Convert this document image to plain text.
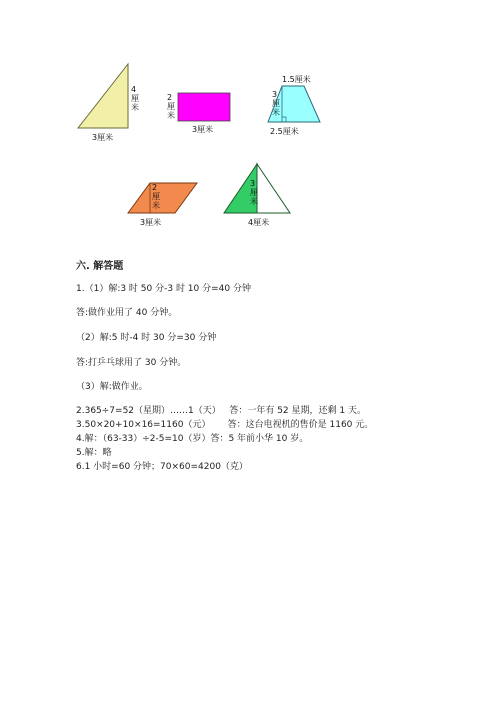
4 厘米
3厘米
2 厘米
3厘米
1.5厘米
3 厘米
2.5厘米
2 厘米
3厘米
3 厘米
4厘米
六. 解答题
1.（1）解:3 时 50 分-3 时 10 分=40 分钟
答:做作业用了 40 分钟。
（2）解:5 时-4 时 30 分=30 分钟
答:打乒乓球用了 30 分钟。
（3）解:做作业。
2.365÷7=52（星期）……1（天）   答：一年有 52 星期，还剩 1 天。
3.50×20+10×16=1160（元）      答：这台电视机的售价是 1160 元。
4.解：（63-33）÷2-5=10（岁）答：5 年前小华 10 岁。
5.解：略
6.1 小时=60 分钟；70×60=4200（克）
